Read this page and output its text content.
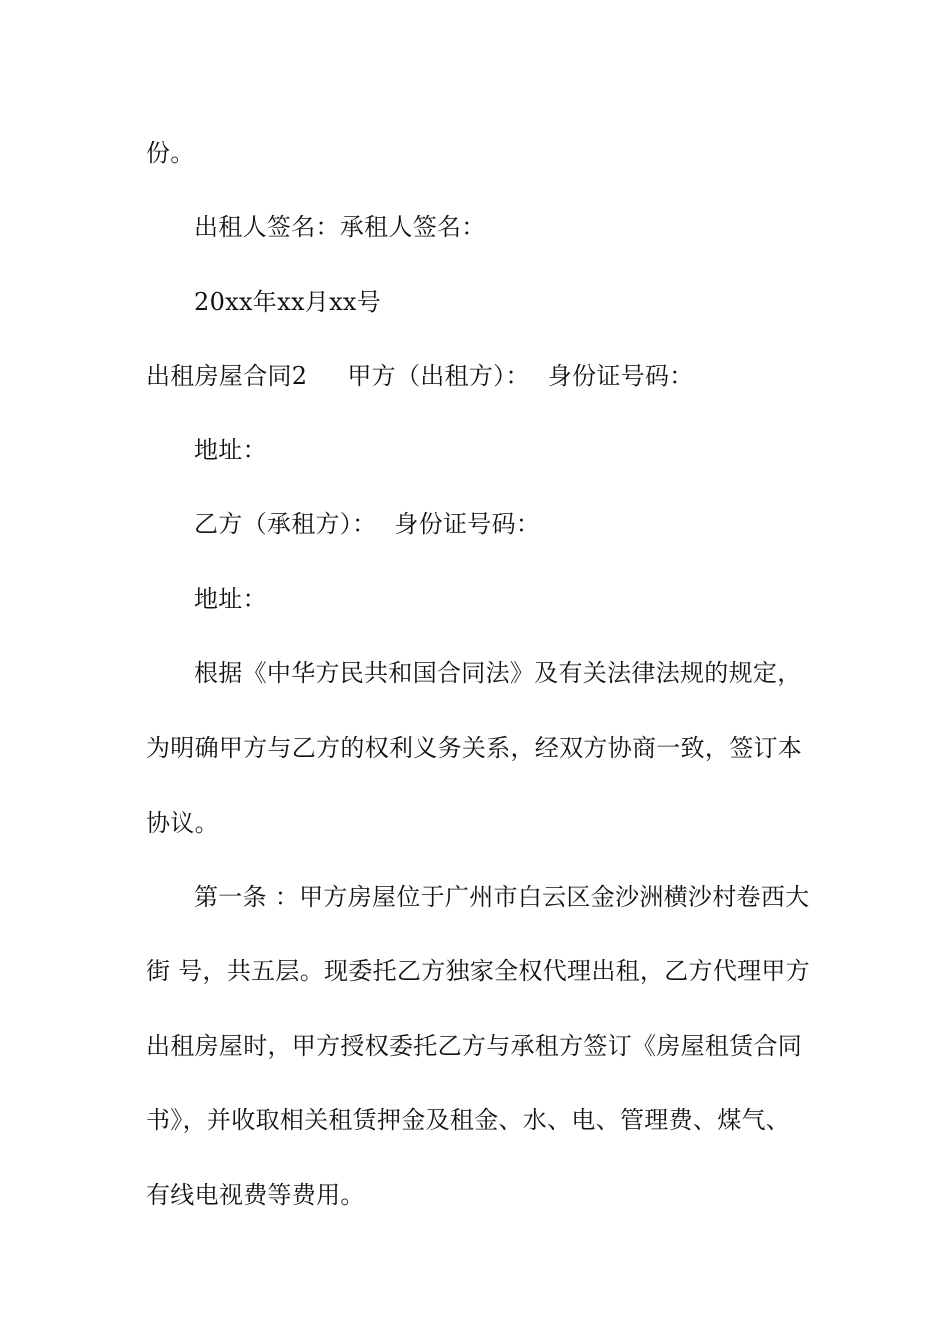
份。
出租人签名：承租人签名：
20xx年xx月xx号
出租房屋合同2 甲方（出租方）： 身份证号码：
地址：
乙方（承租方）： 身份证号码：
地址：
根据《中华方民共和国合同法》及有关法律法规的规定，
为明确甲方与乙方的权利义务关系，经双方协商一致，签订本
协议。
第一条 ：甲方房屋位于广州市白云区金沙洲横沙村卷西大
街 号，共五层。现委托乙方独家全权代理出租，乙方代理甲方
出租房屋时，甲方授权委托乙方与承租方签订《房屋租赁合同
书》，并收取相关租赁押金及租金、水、电、管理费、煤气、
有线电视费等费用。
